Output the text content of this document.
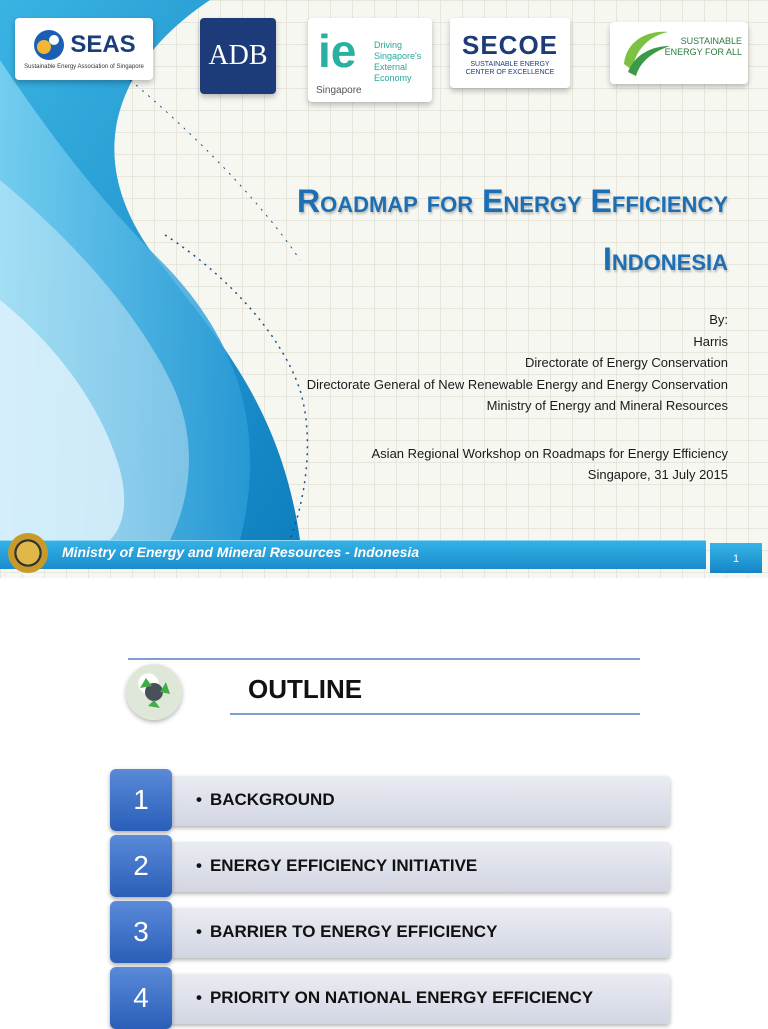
SEAS
Sustainable Energy Association of Singapore ADB ie
Singapore
Driving Singapore's External Economy
SECOE
SUSTAINABLE ENERGY
CENTER OF EXCELLENCE
SUSTAINABLE
ENERGY FOR ALL
Roadmap for Energy Efficiency
Indonesia
By:
Harris
Directorate of Energy Conservation
Directorate General of New Renewable Energy and Energy Conservation
Ministry of Energy and Mineral Resources
Asian Regional Workshop on Roadmaps for Energy Efficiency
Singapore, 31 July 2015
Ministry of Energy and Mineral Resources - Indonesia	1
OUTLINE
1	• BACKGROUND
2	• ENERGY EFFICIENCY INITIATIVE
3	• BARRIER TO ENERGY EFFICIENCY
4	• PRIORITY ON NATIONAL ENERGY EFFICIENCY
